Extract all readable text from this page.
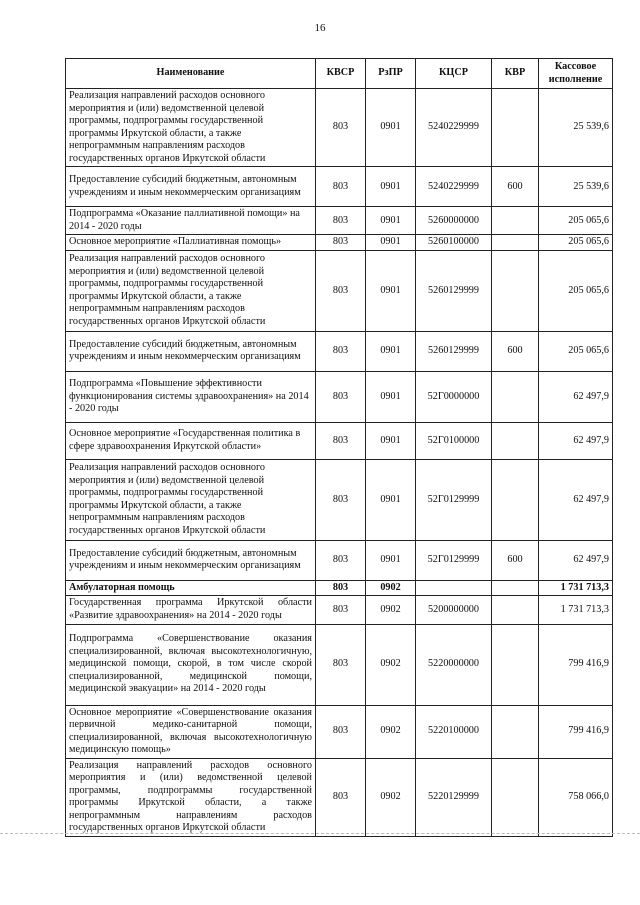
16
Наименование	КВСР	РзПР	КЦСР	КВР	Кассовое исполнение
Реализация направлений расходов основного мероприятия и (или) ведомственной целевой программы, подпрограммы государственной программы Иркутской области, а также непрограммным направлениям расходов государственных органов Иркутской области	803	0901	5240229999		25 539,6
Предоставление субсидий бюджетным, автономным учреждениям и иным некоммерческим организациям	803	0901	5240229999	600	25 539,6
Подпрограмма «Оказание паллиативной помощи» на 2014 - 2020 годы	803	0901	5260000000		205 065,6
Основное мероприятие «Паллиативная помощь»	803	0901	5260100000		205 065,6
Реализация направлений расходов основного мероприятия и (или) ведомственной целевой программы, подпрограммы государственной программы Иркутской области, а также непрограммным направлениям расходов государственных органов Иркутской области	803	0901	5260129999		205 065,6
Предоставление субсидий бюджетным, автономным учреждениям и иным некоммерческим организациям	803	0901	5260129999	600	205 065,6
Подпрограмма «Повышение эффективности функционирования системы здравоохранения» на 2014 - 2020 годы	803	0901	52Г0000000		62 497,9
Основное мероприятие «Государственная политика в сфере здравоохранения Иркутской области»	803	0901	52Г0100000		62 497,9
Реализация направлений расходов основного мероприятия и (или) ведомственной целевой программы, подпрограммы государственной программы Иркутской области, а также непрограммным направлениям расходов государственных органов Иркутской области	803	0901	52Г0129999		62 497,9
Предоставление субсидий бюджетным, автономным учреждениям и иным некоммерческим организациям	803	0901	52Г0129999	600	62 497,9
Амбулаторная помощь	803	0902			1 731 713,3
Государственная программа Иркутской области «Развитие здравоохранения» на 2014 - 2020 годы	803	0902	5200000000		1 731 713,3
Подпрограмма «Совершенствование оказания специализированной, включая высокотехнологичную, медицинской помощи, скорой, в том числе скорой специализированной, медицинской помощи, медицинской эвакуации» на 2014 - 2020 годы	803	0902	5220000000		799 416,9
Основное мероприятие «Совершенствование оказания первичной медико-санитарной помощи, специализированной, включая высокотехнологичную медицинскую помощь»	803	0902	5220100000		799 416,9
Реализация направлений расходов основного мероприятия и (или) ведомственной целевой программы, подпрограммы государственной программы Иркутской области, а также непрограммным направлениям расходов государственных органов Иркутской области	803	0902	5220129999		758 066,0
